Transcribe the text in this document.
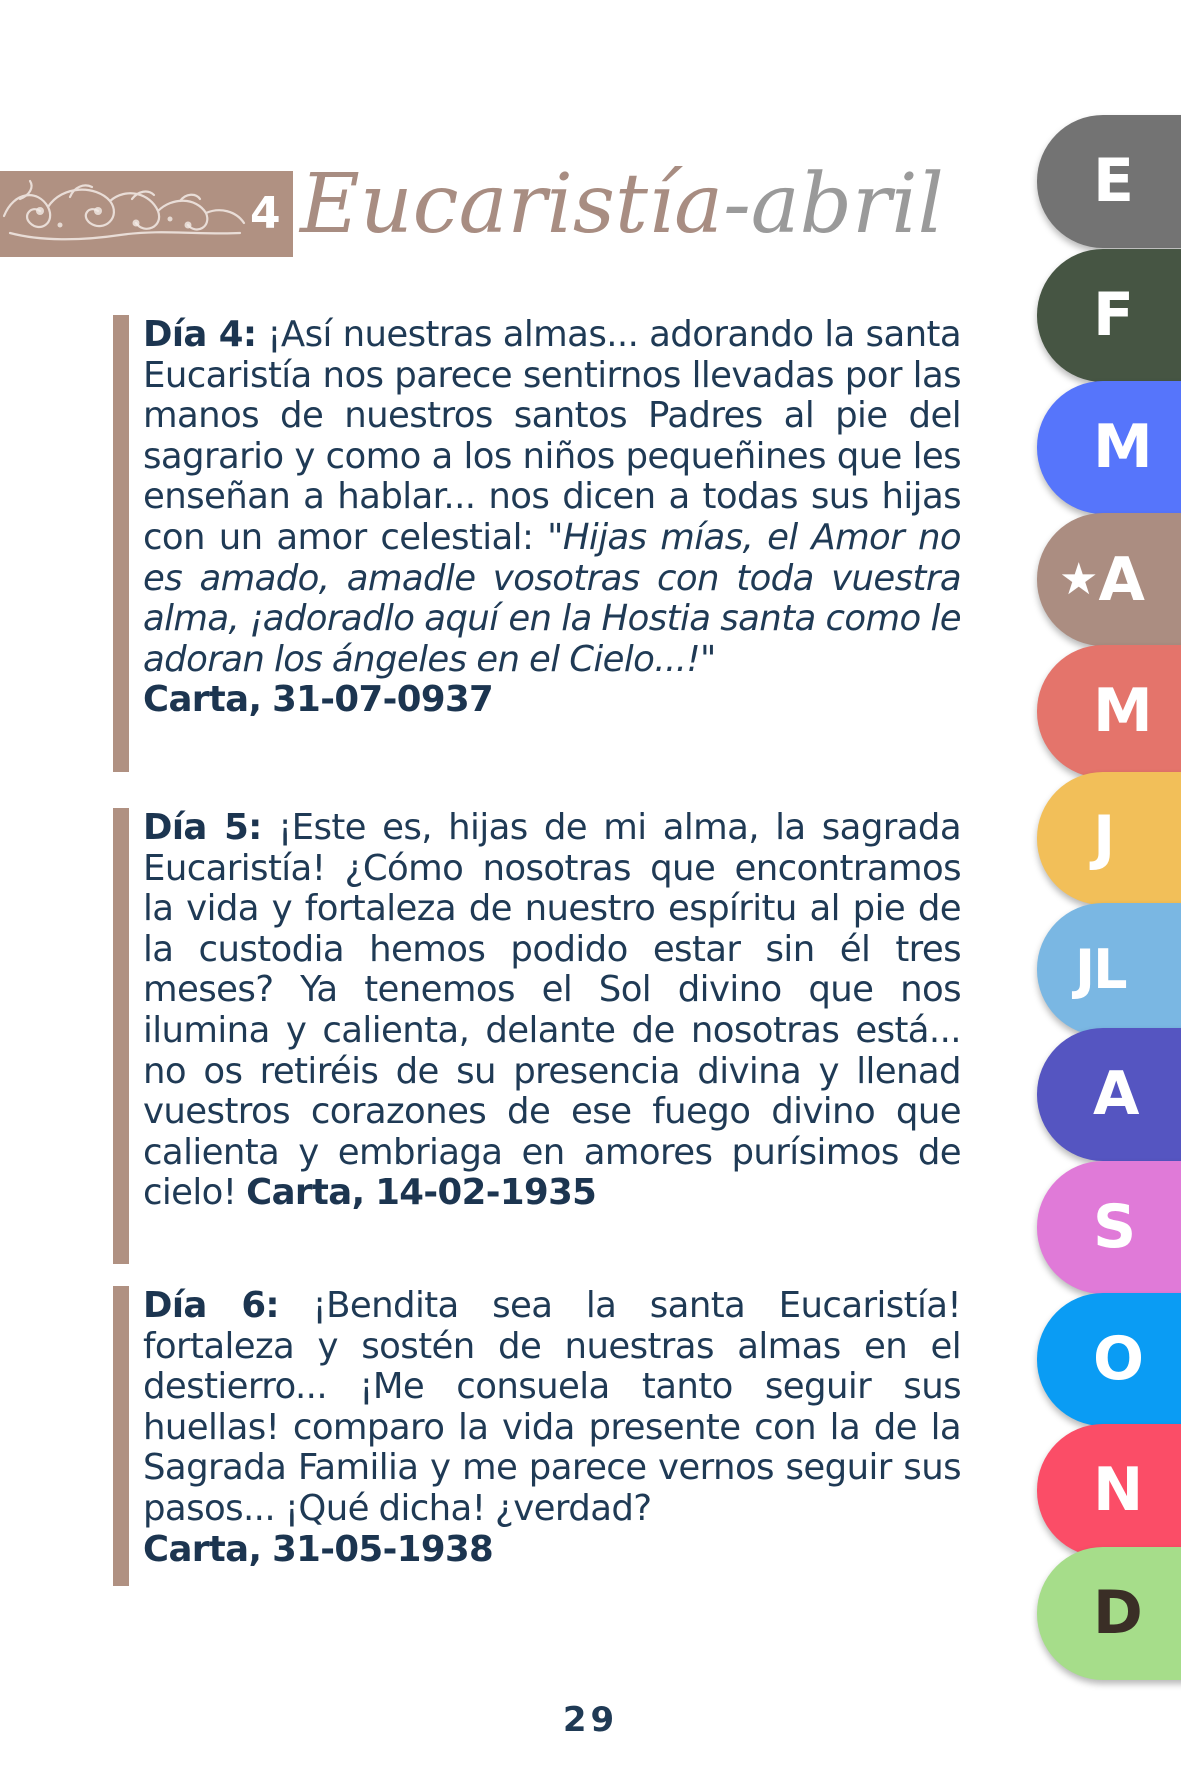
4 Eucaristía-abril

Día 4: ¡Así nuestras almas... adorando la santa Eucaristía nos parece sentirnos llevadas por las manos de nuestros santos Padres al pie del sagrario y como a los niños pequeñines que les enseñan a hablar... nos dicen a todas sus hijas con un amor celestial: "Hijas mías, el Amor no es amado, amadle vosotras con toda vuestra alma, ¡adoradlo aquí en la Hostia santa como le adoran los ángeles en el Cielo...!"
Carta, 31-07-0937

Día 5: ¡Este es, hijas de mi alma, la sagrada Eucaristía! ¿Cómo nosotras que encontramos la vida y fortaleza de nuestro espíritu al pie de la custodia hemos podido estar sin él tres meses? Ya tenemos el Sol divino que nos ilumina y calienta, delante de nosotras está... no os retiréis de su presencia divina y llenad vuestros corazones de ese fuego divino que calienta y embriaga en amores purísimos de cielo! Carta, 14-02-1935

Día 6: ¡Bendita sea la santa Eucaristía! fortaleza y sostén de nuestras almas en el destierro... ¡Me consuela tanto seguir sus huellas! comparo la vida presente con la de la Sagrada Familia y me parece vernos seguir sus pasos... ¡Qué dicha! ¿verdad?
Carta, 31-05-1938

E
F
M
★A
M
J
JL
A
S
O
N
D
29
